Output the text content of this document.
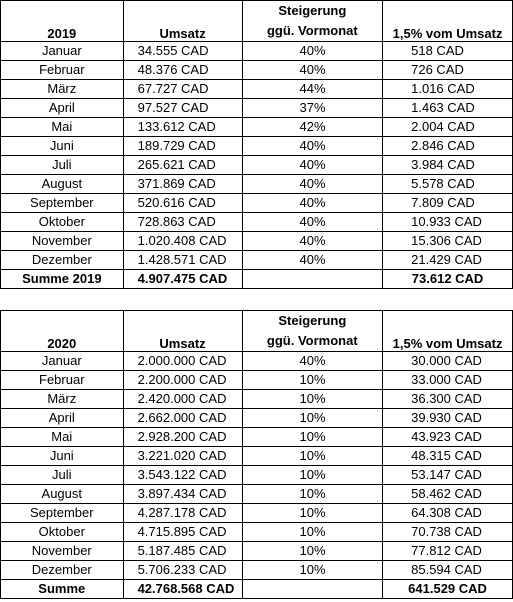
2019	Umsatz	Steigerung
ggü. Vormonat	1,5% vom Umsatz
Januar	34.555 CAD	40%	518 CAD
Februar	48.376 CAD	40%	726 CAD
März	67.727 CAD	44%	1.016 CAD
April	97.527 CAD	37%	1.463 CAD
Mai	133.612 CAD	42%	2.004 CAD
Juni	189.729 CAD	40%	2.846 CAD
Juli	265.621 CAD	40%	3.984 CAD
August	371.869 CAD	40%	5.578 CAD
September	520.616 CAD	40%	7.809 CAD
Oktober	728.863 CAD	40%	10.933 CAD
November	1.020.408 CAD	40%	15.306 CAD
Dezember	1.428.571 CAD	40%	21.429 CAD
Summe 2019	4.907.475 CAD		73.612 CAD
2020	Umsatz	Steigerung
ggü. Vormonat	1,5% vom Umsatz
Januar	2.000.000 CAD	40%	30.000 CAD
Februar	2.200.000 CAD	10%	33.000 CAD
März	2.420.000 CAD	10%	36.300 CAD
April	2.662.000 CAD	10%	39.930 CAD
Mai	2.928.200 CAD	10%	43.923 CAD
Juni	3.221.020 CAD	10%	48.315 CAD
Juli	3.543.122 CAD	10%	53.147 CAD
August	3.897.434 CAD	10%	58.462 CAD
September	4.287.178 CAD	10%	64.308 CAD
Oktober	4.715.895 CAD	10%	70.738 CAD
November	5.187.485 CAD	10%	77.812 CAD
Dezember	5.706.233 CAD	10%	85.594 CAD
Summe	42.768.568 CAD		641.529 CAD
